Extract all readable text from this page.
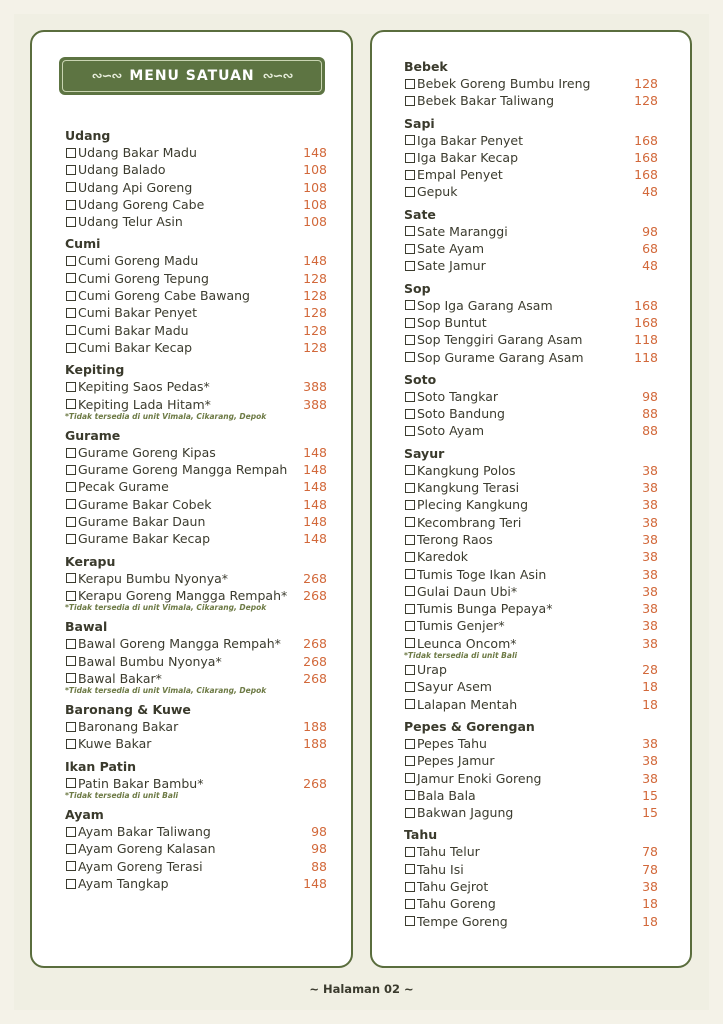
∾∽∾ MENU SATUAN ∾∽∾
Udang
Udang Bakar Madu	148
Udang Balado	108
Udang Api Goreng	108
Udang Goreng Cabe	108
Udang Telur Asin	108
Cumi
Cumi Goreng Madu	148
Cumi Goreng Tepung	128
Cumi Goreng Cabe Bawang	128
Cumi Bakar Penyet	128
Cumi Bakar Madu	128
Cumi Bakar Kecap	128
Kepiting
Kepiting Saos Pedas*	388
Kepiting Lada Hitam*	388
*Tidak tersedia di unit Vimala, Cikarang, Depok
Gurame
Gurame Goreng Kipas	148
Gurame Goreng Mangga Rempah 148
Pecak Gurame	148
Gurame Bakar Cobek	148
Gurame Bakar Daun	148
Gurame Bakar Kecap	148
Kerapu
Kerapu Bumbu Nyonya*	268
Kerapu Goreng Mangga Rempah* 268
*Tidak tersedia di unit Vimala, Cikarang, Depok
Bawal
Bawal Goreng Mangga Rempah* 268
Bawal Bumbu Nyonya*	268
Bawal Bakar*	268
*Tidak tersedia di unit Vimala, Cikarang, Depok
Baronang & Kuwe
Baronang Bakar	188
Kuwe Bakar	188
Ikan Patin
Patin Bakar Bambu*	268
*Tidak tersedia di unit Bali
Ayam
Ayam Bakar Taliwang	98
Ayam Goreng Kalasan	98
Ayam Goreng Terasi	88
Ayam Tangkap	148
Bebek
Bebek Goreng Bumbu Ireng	128
Bebek Bakar Taliwang	128
Sapi
Iga Bakar Penyet	168
Iga Bakar Kecap	168
Empal Penyet	168
Gepuk	48
Sate
Sate Maranggi	98
Sate Ayam	68
Sate Jamur	48
Sop
Sop Iga Garang Asam	168
Sop Buntut	168
Sop Tenggiri Garang Asam	118
Sop Gurame Garang Asam	118
Soto
Soto Tangkar	98
Soto Bandung	88
Soto Ayam	88
Sayur
Kangkung Polos	38
Kangkung Terasi	38
Plecing Kangkung	38
Kecombrang Teri	38
Terong Raos	38
Karedok	38
Tumis Toge Ikan Asin	38
Gulai Daun Ubi*	38
Tumis Bunga Pepaya*	38
Tumis Genjer*	38
Leunca Oncom*	38
*Tidak tersedia di unit Bali
Urap	28
Sayur Asem	18
Lalapan Mentah	18
Pepes & Gorengan
Pepes Tahu	38
Pepes Jamur	38
Jamur Enoki Goreng	38
Bala Bala	15
Bakwan Jagung	15
Tahu
Tahu Telur	78
Tahu Isi	78
Tahu Gejrot	38
Tahu Goreng	18
Tempe Goreng	18
~ Halaman 02 ~
